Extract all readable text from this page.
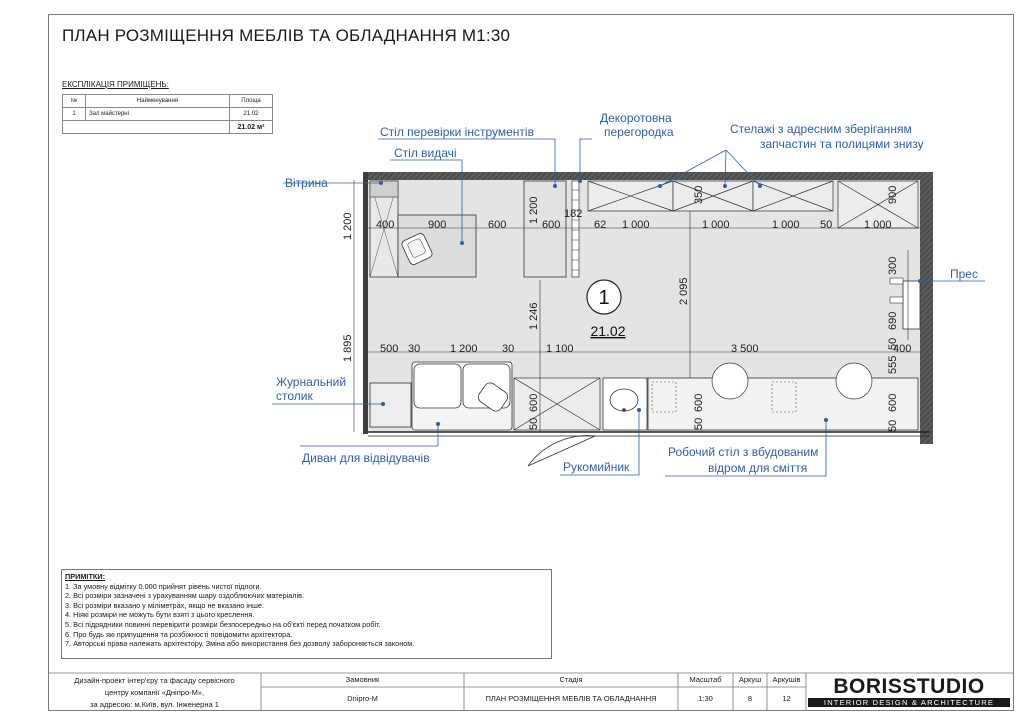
ПЛАН РОЗМІЩЕННЯ МЕБЛІВ ТА ОБЛАДНАННЯ М1:30
ЕКСПЛІКАЦІЯ ПРИМІЩЕНЬ:
№	Найменування	Площа
1	Зал майстерні	21.02
		21.02 м²
400	900	600	600	62 1 000	1 000	1 000 50	1 000
500 30	1 200 30	1 100	3 500	400
1 200
1 895
1 200 182
350	900
2 095
1 246
300
690
555
600	600	600
50	50	50
50
1
21.02
Стіл перевірки інструментів
Декоротовна
перегородка	Стелажі з адресним зберіганням
запчастин та полицями знизу
Стіл видачі
Вітрина
Прес
Журнальний
столик
Диван для відвідувачів
Рукомийник
Робочий стіл з вбудованим
відром для сміття
ПРИМІТКИ:
1. За умовну відмітку 0.000 прийнят рівень чистої підлоги.
2. Всі розміри зазначені з урахуванням шару оздоблюючих матеріалів.
3. Всі розміри вказано у міліметрах, якщо не вказано інше.
4. Ніякі розміри не можуть бути взяті з цього креслення.
5. Всі підрядники повинні перевірити розміри безпосередньо на об'єкті перед початком робіт.
6. Про будь які припущення та розбіжності повідомити архітектора.
7. Авторські права належать архітектору. Зміна або використання без дозволу забороняється законом.
Дизайн-проект інтер'єру та фасаду сервісного
центру компанії «Дніпро-М»,
за адресою: м.Київ, вул. Інженерна 1
Замовник
Dnipro-M
Стадія
ПЛАН РОЗМІЩЕННЯ МЕБЛІВ ТА ОБЛАДНАННЯ
Масштаб
1:30
Аркуш
8
Аркушів
12
BORISSTUDIO
INTERIOR DESIGN & ARCHITECTURE
